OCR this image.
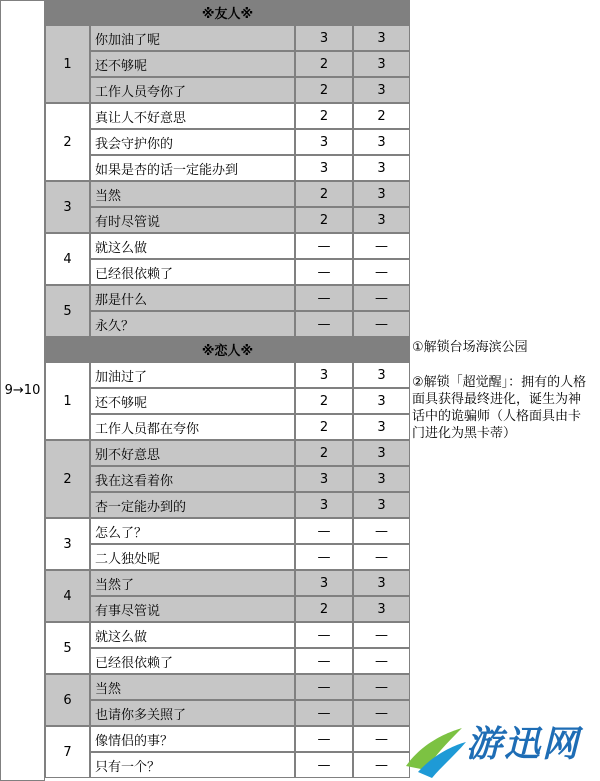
9→10
※友人※
1
你加油了呢	3	3
还不够呢	2	3
工作人员夸你了	2	3
2
真让人不好意思	2	2
我会守护你的	3	3
如果是杏的话一定能办到	3	3
3
当然	2	3
有时尽管说	2	3
4
就这么做	—	—
已经很依赖了	—	—
5
那是什么	—	—
永久？	—	—
※恋人※
1
加油过了	3	3
还不够呢	2	3
工作人员都在夸你	2	3
2
别不好意思	2	3
我在这看着你	3	3
杏一定能办到的	3	3
3
怎么了？	—	—
二人独处呢	—	—
4
当然了	3	3
有事尽管说	2	3
5
就这么做	—	—
已经很依赖了	—	—
6
当然	—	—
也请你多关照了	—	—
7
像情侣的事？	—	—
只有一个？	—	—
①解锁台场海滨公园
②解锁「超觉醒」：拥有的人格面具获得最终进化，诞生为神话中的诡骗师（人格面具由卡门进化为黑卡蒂）
游迅网
